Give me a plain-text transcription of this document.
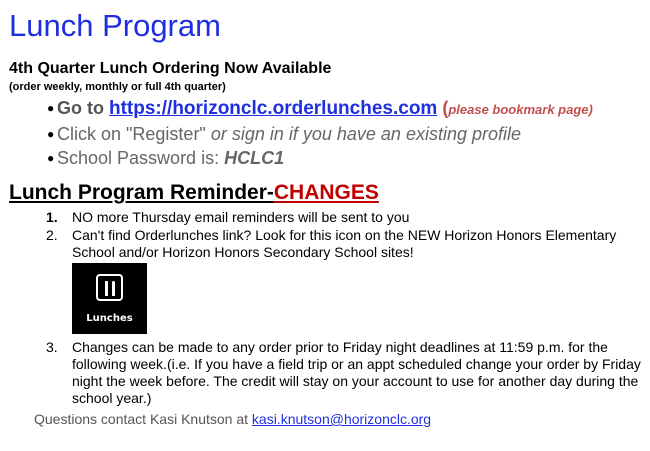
Lunch Program

4th Quarter Lunch Ordering Now Available

(order weekly, monthly or full 4th quarter)

● Go to https://horizonclc.orderlunches.com (please bookmark page)
● Click on "Register" or sign in if you have an existing profile
● School Password is: HCLC1
Lunch Program Reminder-CHANGES
1.	NO more Thursday email reminders will be sent to you
2.	Can't find Orderlunches link? Look for this icon on the NEW Horizon Honors Elementary School and/or Horizon Honors Secondary School sites!
Lunches
3.	Changes can be made to any order prior to Friday night deadlines at 11:59 p.m. for the following week.(i.e. If you have a field trip or an appt scheduled change your order by Friday night the week before. The credit will stay on your account to use for another day during the school year.)

Questions contact Kasi Knutson at kasi.knutson@horizonclc.org
